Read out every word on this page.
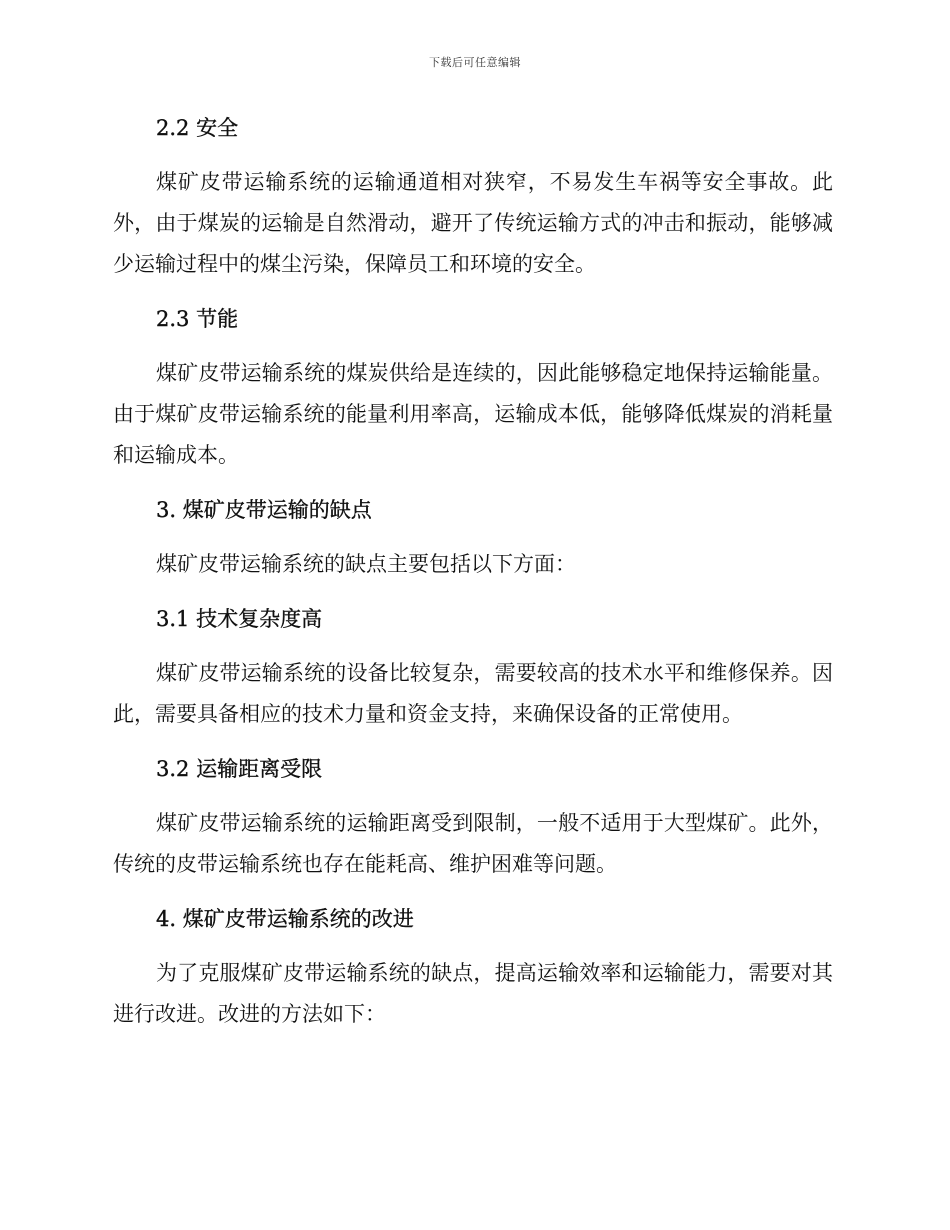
下载后可任意编辑
2.2 安全

煤矿皮带运输系统的运输通道相对狭窄，不易发生车祸等安全事故。此外，由于煤炭的运输是自然滑动，避开了传统运输方式的冲击和振动，能够减少运输过程中的煤尘污染，保障员工和环境的安全。

2.3 节能

煤矿皮带运输系统的煤炭供给是连续的，因此能够稳定地保持运输能量。由于煤矿皮带运输系统的能量利用率高，运输成本低，能够降低煤炭的消耗量和运输成本。

3. 煤矿皮带运输的缺点

煤矿皮带运输系统的缺点主要包括以下方面：

3.1 技术复杂度高

煤矿皮带运输系统的设备比较复杂，需要较高的技术水平和维修保养。因此，需要具备相应的技术力量和资金支持，来确保设备的正常使用。

3.2 运输距离受限

煤矿皮带运输系统的运输距离受到限制，一般不适用于大型煤矿。此外，传统的皮带运输系统也存在能耗高、维护困难等问题。

4. 煤矿皮带运输系统的改进

为了克服煤矿皮带运输系统的缺点，提高运输效率和运输能力，需要对其进行改进。改进的方法如下：
